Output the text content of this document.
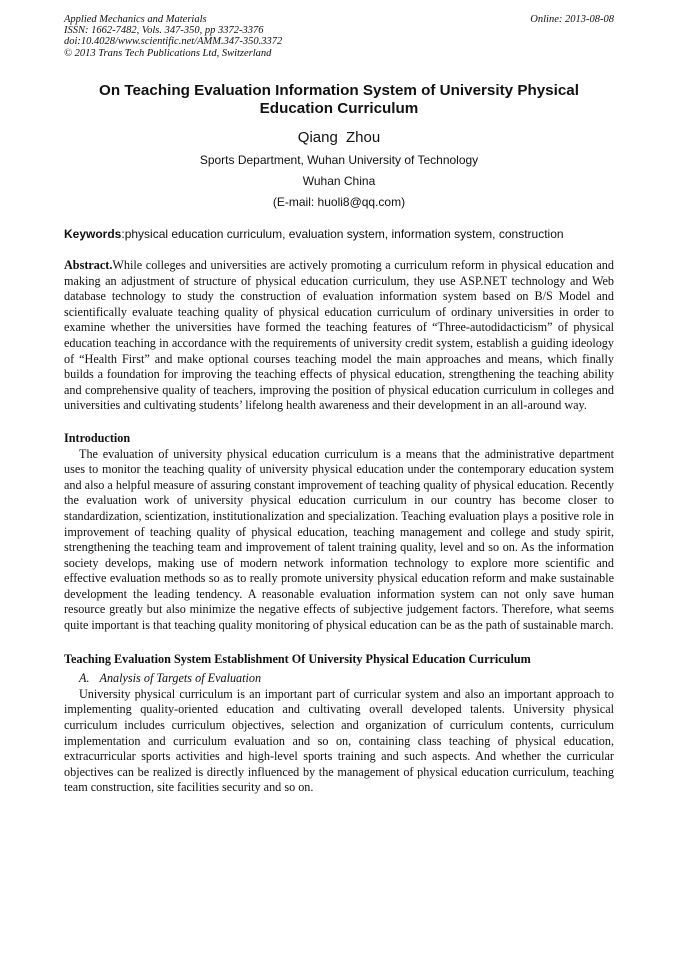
Applied Mechanics and Materials
ISSN: 1662-7482, Vols. 347-350, pp 3372-3376
doi:10.4028/www.scientific.net/AMM.347-350.3372
© 2013 Trans Tech Publications Ltd, Switzerland
Online: 2013-08-08
On Teaching Evaluation Information System of University Physical Education Curriculum
Qiang Zhou
Sports Department, Wuhan University of Technology
Wuhan China
(E-mail: huoli8@qq.com)
Keywords:physical education curriculum, evaluation system, information system, construction
Abstract.While colleges and universities are actively promoting a curriculum reform in physical education and making an adjustment of structure of physical education curriculum, they use ASP.NET technology and Web database technology to study the construction of evaluation information system based on B/S Model and scientifically evaluate teaching quality of physical education curriculum of ordinary universities in order to examine whether the universities have formed the teaching features of “Three-autodidacticism” of physical education teaching in accordance with the requirements of university credit system, establish a guiding ideology of “Health First” and make optional courses teaching model the main approaches and means, which finally builds a foundation for improving the teaching effects of physical education, strengthening the teaching ability and comprehensive quality of teachers, improving the position of physical education curriculum in colleges and universities and cultivating students’ lifelong health awareness and their development in an all-around way.
Introduction
The evaluation of university physical education curriculum is a means that the administrative department uses to monitor the teaching quality of university physical education under the contemporary education system and also a helpful measure of assuring constant improvement of teaching quality of physical education. Recently the evaluation work of university physical education curriculum in our country has become closer to standardization, scientization, institutionalization and specialization. Teaching evaluation plays a positive role in improvement of teaching quality of physical education, teaching management and college and study spirit, strengthening the teaching team and improvement of talent training quality, level and so on. As the information society develops, making use of modern network information technology to explore more scientific and effective evaluation methods so as to really promote university physical education reform and make sustainable development the leading tendency. A reasonable evaluation information system can not only save human resource greatly but also minimize the negative effects of subjective judgement factors. Therefore, what seems quite important is that teaching quality monitoring of physical education can be as the path of sustainable march.
Teaching Evaluation System Establishment Of University Physical Education Curriculum
A. Analysis of Targets of Evaluation
University physical curriculum is an important part of curricular system and also an important approach to implementing quality-oriented education and cultivating overall developed talents. University physical curriculum includes curriculum objectives, selection and organization of curriculum contents, curriculum implementation and curriculum evaluation and so on, containing class teaching of physical education, extracurricular sports activities and high-level sports training and such aspects. And whether the curricular objectives can be realized is directly influenced by the management of physical education curriculum, teaching team construction, site facilities security and so on.
